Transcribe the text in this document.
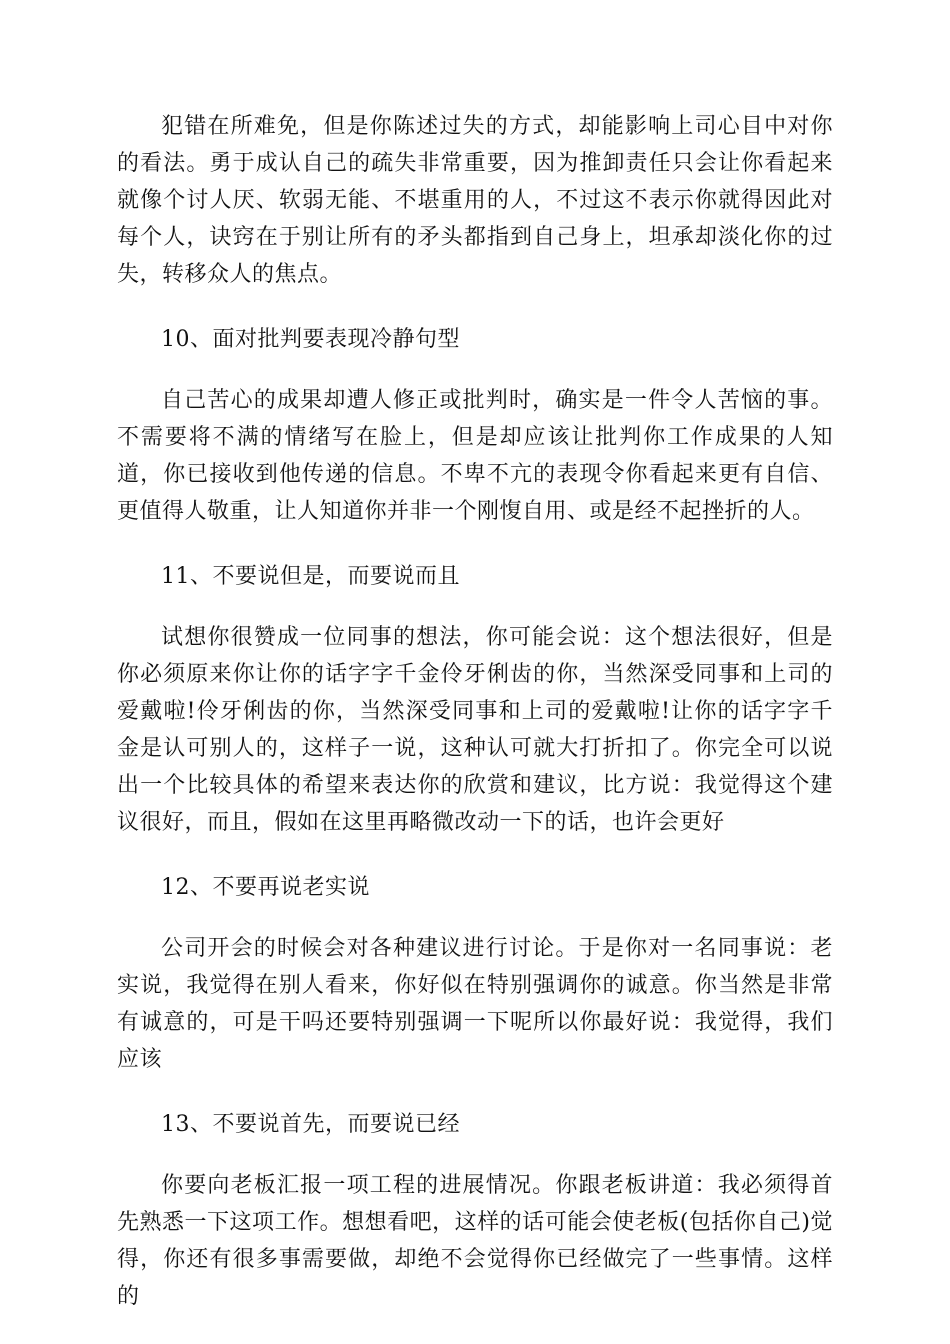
犯错在所难免，但是你陈述过失的方式，却能影响上司心目中对你的看法。勇于成认自己的疏失非常重要，因为推卸责任只会让你看起来就像个讨人厌、软弱无能、不堪重用的人，不过这不表示你就得因此对每个人，诀窍在于别让所有的矛头都指到自己身上，坦承却淡化你的过失，转移众人的焦点。

10、面对批判要表现冷静句型

自己苦心的成果却遭人修正或批判时，确实是一件令人苦恼的事。不需要将不满的情绪写在脸上，但是却应该让批判你工作成果的人知道，你已接收到他传递的信息。不卑不亢的表现令你看起来更有自信、更值得人敬重，让人知道你并非一个刚愎自用、或是经不起挫折的人。

11、不要说但是，而要说而且

试想你很赞成一位同事的想法，你可能会说：这个想法很好，但是你必须原来你让你的话字字千金伶牙俐齿的你，当然深受同事和上司的爱戴啦!伶牙俐齿的你，当然深受同事和上司的爱戴啦!让你的话字字千金是认可别人的，这样子一说，这种认可就大打折扣了。你完全可以说出一个比较具体的希望来表达你的欣赏和建议，比方说：我觉得这个建议很好，而且，假如在这里再略微改动一下的话，也许会更好

12、不要再说老实说

公司开会的时候会对各种建议进行讨论。于是你对一名同事说：老实说，我觉得在别人看来，你好似在特别强调你的诚意。你当然是非常有诚意的，可是干吗还要特别强调一下呢所以你最好说：我觉得，我们应该

13、不要说首先，而要说已经

你要向老板汇报一项工程的进展情况。你跟老板讲道：我必须得首先熟悉一下这项工作。想想看吧，这样的话可能会使老板(包括你自己)觉得，你还有很多事需要做，却绝不会觉得你已经做完了一些事情。这样的
